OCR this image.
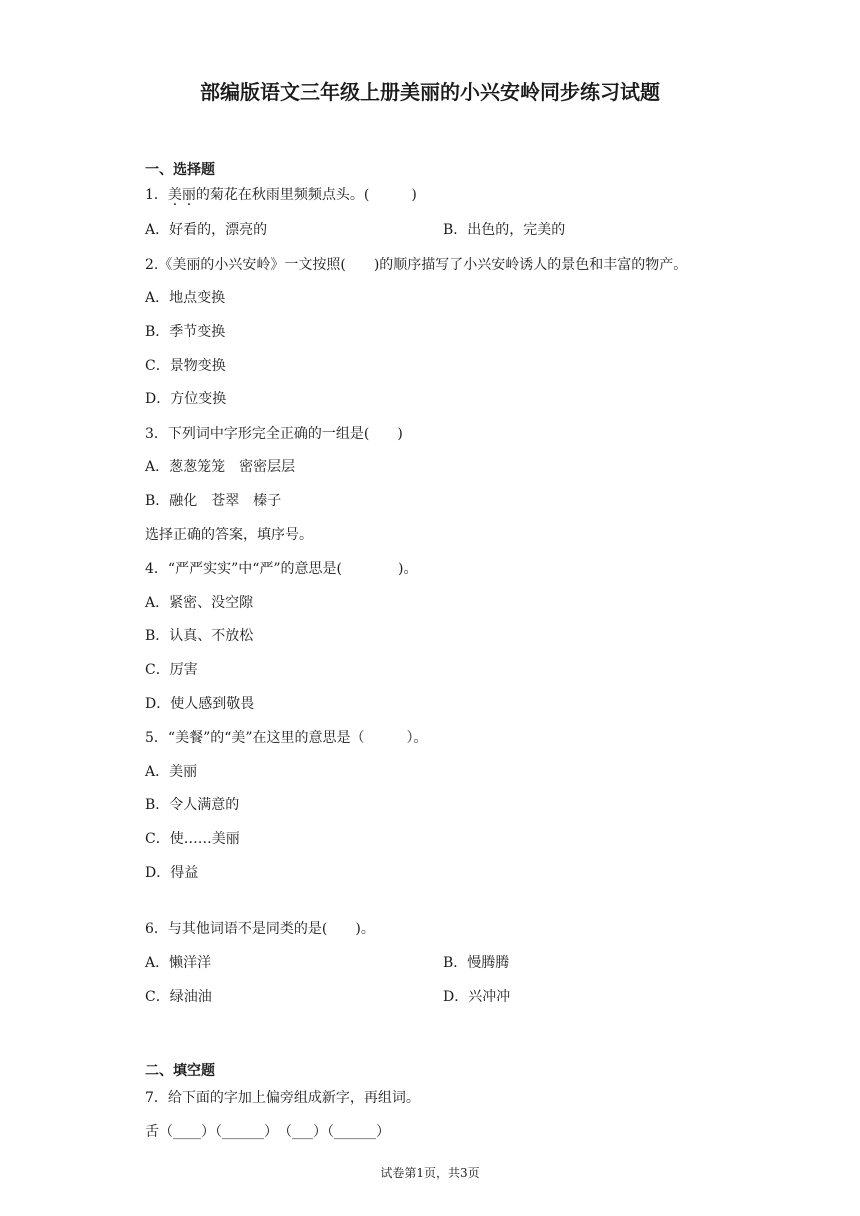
部编版语文三年级上册美丽的小兴安岭同步练习试题
一、选择题
1．美丽的菊花在秋雨里频频点头。(　　　)
A．好看的，漂亮的	B．出色的，完美的
2.《美丽的小兴安岭》一文按照(　　)的顺序描写了小兴安岭诱人的景色和丰富的物产。
A．地点变换
B．季节变换
C．景物变换
D．方位变换
3．下列词中字形完全正确的一组是(　　)
A．葱葱笼笼　密密层层
B．融化　苍翠　榛子
选择正确的答案，填序号。
4．“严严实实”中“严”的意思是(　　　　)。
A．紧密、没空隙
B．认真、不放松
C．厉害
D．使人感到敬畏
5．“美餐”的“美”在这里的意思是（　　　）。
A．美丽
B．令人满意的
C．使……美丽
D．得益
6．与其他词语不是同类的是(　　)。
A．懒洋洋	B．慢腾腾
C．绿油油	D．兴冲冲
二、填空题
7．给下面的字加上偏旁组成新字，再组词。
舌（____）（______）　（___）（______）
试卷第1页，共3页
